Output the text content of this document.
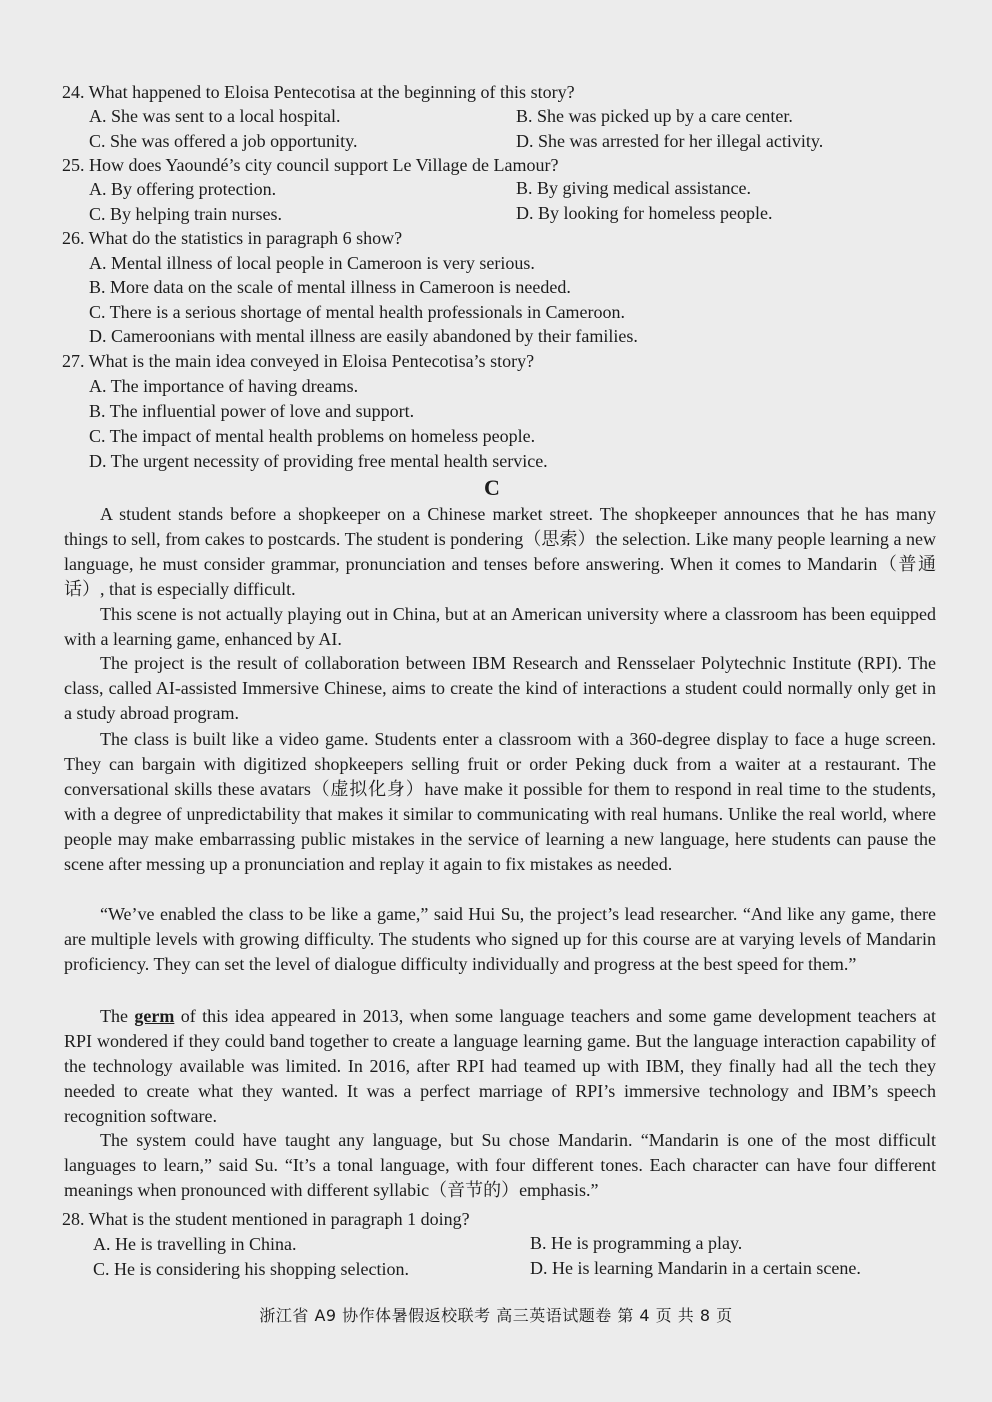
24. What happened to Eloisa Pentecotisa at the beginning of this story?
A. She was sent to a local hospital.	B. She was picked up by a care center.
C. She was offered a job opportunity.	D. She was arrested for her illegal activity.
25. How does Yaoundé’s city council support Le Village de Lamour?
A. By offering protection.	B. By giving medical assistance.
C. By helping train nurses.	D. By looking for homeless people.
26. What do the statistics in paragraph 6 show?
A. Mental illness of local people in Cameroon is very serious.
B. More data on the scale of mental illness in Cameroon is needed.
C. There is a serious shortage of mental health professionals in Cameroon.
D. Cameroonians with mental illness are easily abandoned by their families.
27. What is the main idea conveyed in Eloisa Pentecotisa’s story?
A. The importance of having dreams.
B. The influential power of love and support.
C. The impact of mental health problems on homeless people.
D. The urgent necessity of providing free mental health service.
C

A student stands before a shopkeeper on a Chinese market street. The shopkeeper announces that he has many things to sell, from cakes to postcards. The student is pondering（思索）the selection. Like many people learning a new language, he must consider grammar, pronunciation and tenses before answering. When it comes to Mandarin（普通话）, that is especially difficult.

This scene is not actually playing out in China, but at an American university where a classroom has been equipped with a learning game, enhanced by AI.

The project is the result of collaboration between IBM Research and Rensselaer Polytechnic Institute (RPI). The class, called AI-assisted Immersive Chinese, aims to create the kind of interactions a student could normally only get in a study abroad program.

The class is built like a video game. Students enter a classroom with a 360-degree display to face a huge screen. They can bargain with digitized shopkeepers selling fruit or order Peking duck from a waiter at a restaurant. The conversational skills these avatars（虚拟化身）have make it possible for them to respond in real time to the students, with a degree of unpredictability that makes it similar to communicating with real humans. Unlike the real world, where people may make embarrassing public mistakes in the service of learning a new language, here students can pause the scene after messing up a pronunciation and replay it again to fix mistakes as needed.

“We’ve enabled the class to be like a game,” said Hui Su, the project’s lead researcher. “And like any game, there are multiple levels with growing difficulty. The students who signed up for this course are at varying levels of Mandarin proficiency. They can set the level of dialogue difficulty individually and progress at the best speed for them.”

The germ of this idea appeared in 2013, when some language teachers and some game development teachers at RPI wondered if they could band together to create a language learning game. But the language interaction capability of the technology available was limited. In 2016, after RPI had teamed up with IBM, they finally had all the tech they needed to create what they wanted. It was a perfect marriage of RPI’s immersive technology and IBM’s speech recognition software.

The system could have taught any language, but Su chose Mandarin. “Mandarin is one of the most difficult languages to learn,” said Su. “It’s a tonal language, with four different tones. Each character can have four different meanings when pronounced with different syllabic（音节的）emphasis.”

28. What is the student mentioned in paragraph 1 doing?
A. He is travelling in China.	B. He is programming a play.
C. He is considering his shopping selection.	D. He is learning Mandarin in a certain scene.
浙江省 A9 协作体暑假返校联考 高三英语试题卷 第 4 页 共 8 页
